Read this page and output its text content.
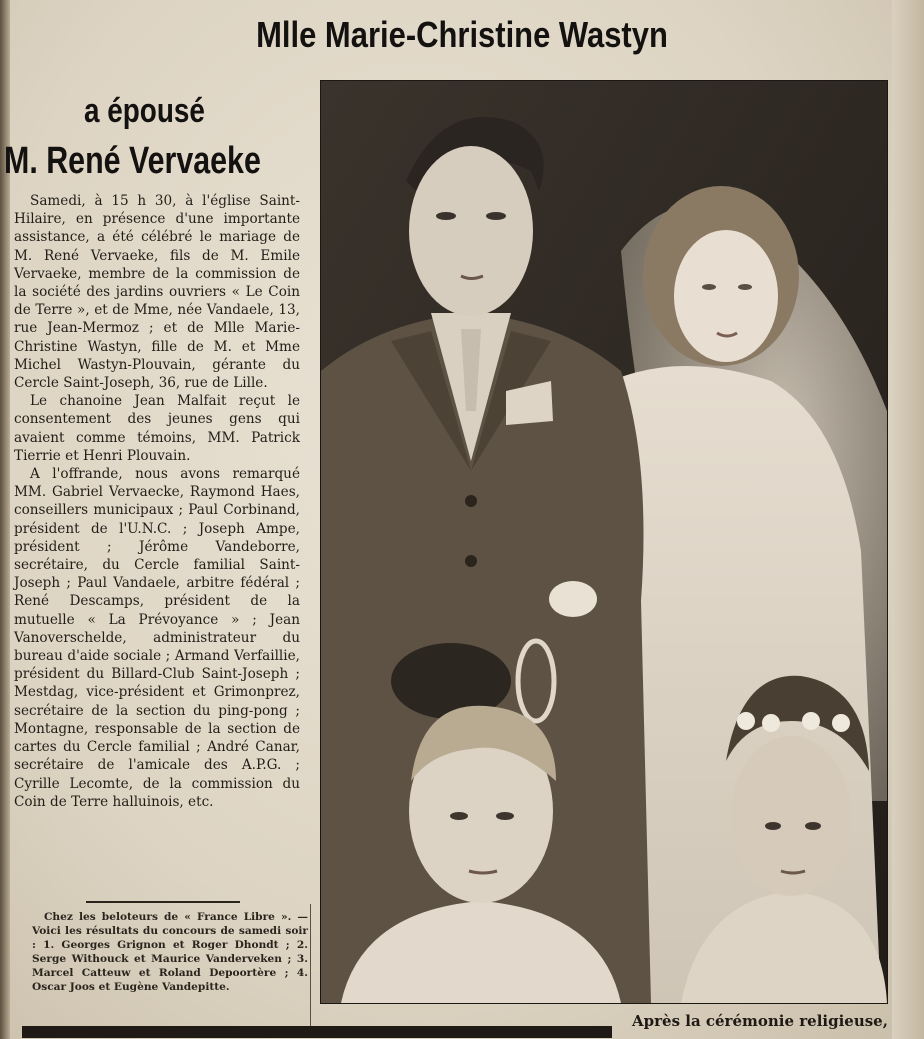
Mlle Marie-Christine Wastyn
a épousé
M. René Vervaeke

Samedi, à 15 h 30, à l'église Saint-Hilaire, en présence d'une importante assistance, a été célébré le mariage de M. René Vervaeke, fils de M. Emile Vervaeke, membre de la commission de la société des jardins ouvriers « Le Coin de Terre », et de Mme, née Vandaele, 13, rue Jean-Mermoz ; et de Mlle Marie-Christine Wastyn, fille de M. et Mme Michel Wastyn-Plouvain, gérante du Cercle Saint-Joseph, 36, rue de Lille.

Le chanoine Jean Malfait reçut le consentement des jeunes gens qui avaient comme témoins, MM. Patrick Tierrie et Henri Plouvain.

A l'offrande, nous avons remarqué MM. Gabriel Vervaecke, Raymond Haes, conseillers municipaux ; Paul Corbinand, président de l'U.N.C. ; Joseph Ampe, président ; Jérôme Vandeborre, secrétaire, du Cercle familial Saint-Joseph ; Paul Vandaele, arbitre fédéral ; René Descamps, président de la mutuelle « La Prévoyance » ; Jean Vanoverschelde, administrateur du bureau d'aide sociale ; Armand Verfaillie, président du Billard-Club Saint-Joseph ; Mestdag, vice-président et Grimonprez, secrétaire de la section du ping-pong ; Montagne, responsable de la section de cartes du Cercle familial ; André Canar, secrétaire de l'amicale des A.P.G. ; Cyrille Lecomte, de la commission du Coin de Terre halluinois, etc.

Chez les beloteurs de « France Libre ». — Voici les résultats du concours de samedi soir : 1. Georges Grignon et Roger Dhondt ; 2. Serge Withouck et Maurice Vanderveken ; 3. Marcel Catteuw et Roland Depoortère ; 4. Oscar Joos et Eugène Vandepitte.

Après la cérémonie religieuse,
